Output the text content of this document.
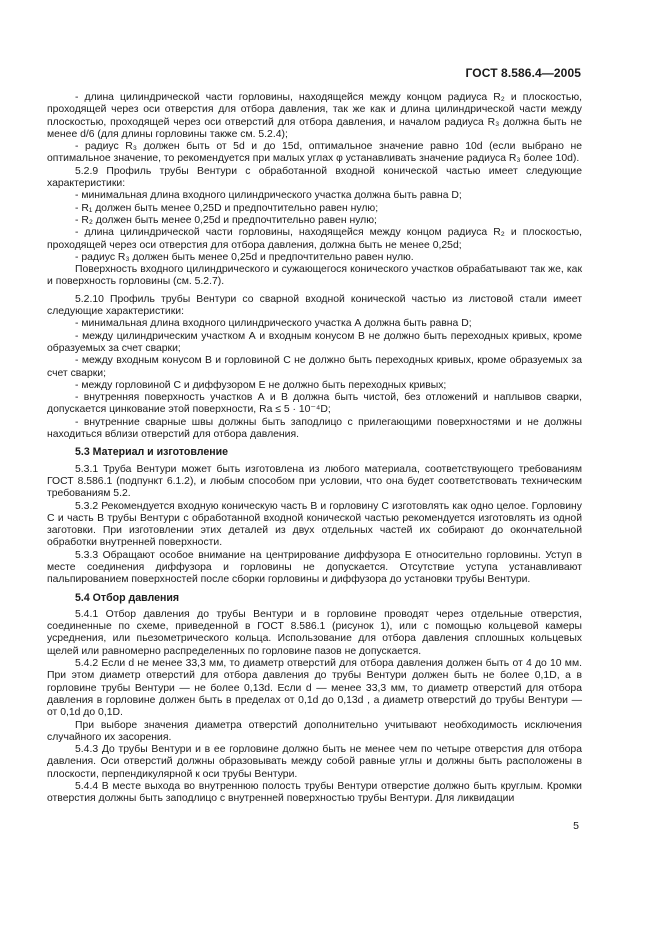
ГОСТ 8.586.4—2005

- длина цилиндрической части горловины, находящейся между концом радиуса R₂ и плоскостью, проходящей через оси отверстия для отбора давления, так же как и длина цилиндрической части между плоскостью, проходящей через оси отверстий для отбора давления, и началом радиуса R₃ должна быть не менее d/6 (для длины горловины также см. 5.2.4);

- радиус R₃ должен быть от 5d и до 15d, оптимальное значение равно 10d (если выбрано не оптимальное значение, то рекомендуется при малых углах φ устанавливать значение радиуса R₃ более 10d).

5.2.9 Профиль трубы Вентури с обработанной входной конической частью имеет следующие характеристики:

- минимальная длина входного цилиндрического участка должна быть равна D;

- R₁ должен быть менее 0,25D и предпочтительно равен нулю;

- R₂ должен быть менее 0,25d и предпочтительно равен нулю;

- длина цилиндрической части горловины, находящейся между концом радиуса R₂ и плоскостью, проходящей через оси отверстия для отбора давления, должна быть не менее 0,25d;

- радиус R₃ должен быть менее 0,25d и предпочтительно равен нулю.

Поверхность входного цилиндрического и сужающегося конического участков обрабатывают так же, как и поверхность горловины (см. 5.2.7).

5.2.10 Профиль трубы Вентури со сварной входной конической частью из листовой стали имеет следующие характеристики:

- минимальная длина входного цилиндрического участка А должна быть равна D;

- между цилиндрическим участком А и входным конусом В не должно быть переходных кривых, кроме образуемых за счет сварки;

- между входным конусом В и горловиной С не должно быть переходных кривых, кроме образуемых за счет сварки;

- между горловиной С и диффузором Е не должно быть переходных кривых;

- внутренняя поверхность участков А и В должна быть чистой, без отложений и наплывов сварки, допускается цинкование этой поверхности, Ra ≤ 5 · 10⁻⁴D;

- внутренние сварные швы должны быть заподлицо с прилегающими поверхностями и не должны находиться вблизи отверстий для отбора давления.

5.3 Материал и изготовление

5.3.1 Труба Вентури может быть изготовлена из любого материала, соответствующего требованиям ГОСТ 8.586.1 (подпункт 6.1.2), и любым способом при условии, что она будет соответствовать техническим требованиям 5.2.

5.3.2 Рекомендуется входную коническую часть В и горловину С изготовлять как одно целое. Горловину С и часть В трубы Вентури с обработанной входной конической частью рекомендуется изготовлять из одной заготовки. При изготовлении этих деталей из двух отдельных частей их собирают до окончательной обработки внутренней поверхности.

5.3.3 Обращают особое внимание на центрирование диффузора Е относительно горловины. Уступ в месте соединения диффузора и горловины не допускается. Отсутствие уступа устанавливают пальпированием поверхностей после сборки горловины и диффузора до установки трубы Вентури.

5.4 Отбор давления

5.4.1 Отбор давления до трубы Вентури и в горловине проводят через отдельные отверстия, соединенные по схеме, приведенной в ГОСТ 8.586.1 (рисунок 1), или с помощью кольцевой камеры усреднения, или пьезометрического кольца. Использование для отбора давления сплошных кольцевых щелей или равномерно распределенных по горловине пазов не допускается.

5.4.2 Если d не менее 33,3 мм, то диаметр отверстий для отбора давления должен быть от 4 до 10 мм. При этом диаметр отверстий для отбора давления до трубы Вентури должен быть не более 0,1D, а в горловине трубы Вентури — не более 0,13d. Если d — менее 33,3 мм, то диаметр отверстий для отбора давления в горловине должен быть в пределах от 0,1d до 0,13d , а диаметр отверстий до трубы Вентури — от 0,1d до 0,1D.

При выборе значения диаметра отверстий дополнительно учитывают необходимость исключения случайного их засорения.

5.4.3 До трубы Вентури и в ее горловине должно быть не менее чем по четыре отверстия для отбора давления. Оси отверстий должны образовывать между собой равные углы и должны быть расположены в плоскости, перпендикулярной к оси трубы Вентури.

5.4.4 В месте выхода во внутреннюю полость трубы Вентури отверстие должно быть круглым. Кромки отверстия должны быть заподлицо с внутренней поверхностью трубы Вентури. Для ликвидации

5
